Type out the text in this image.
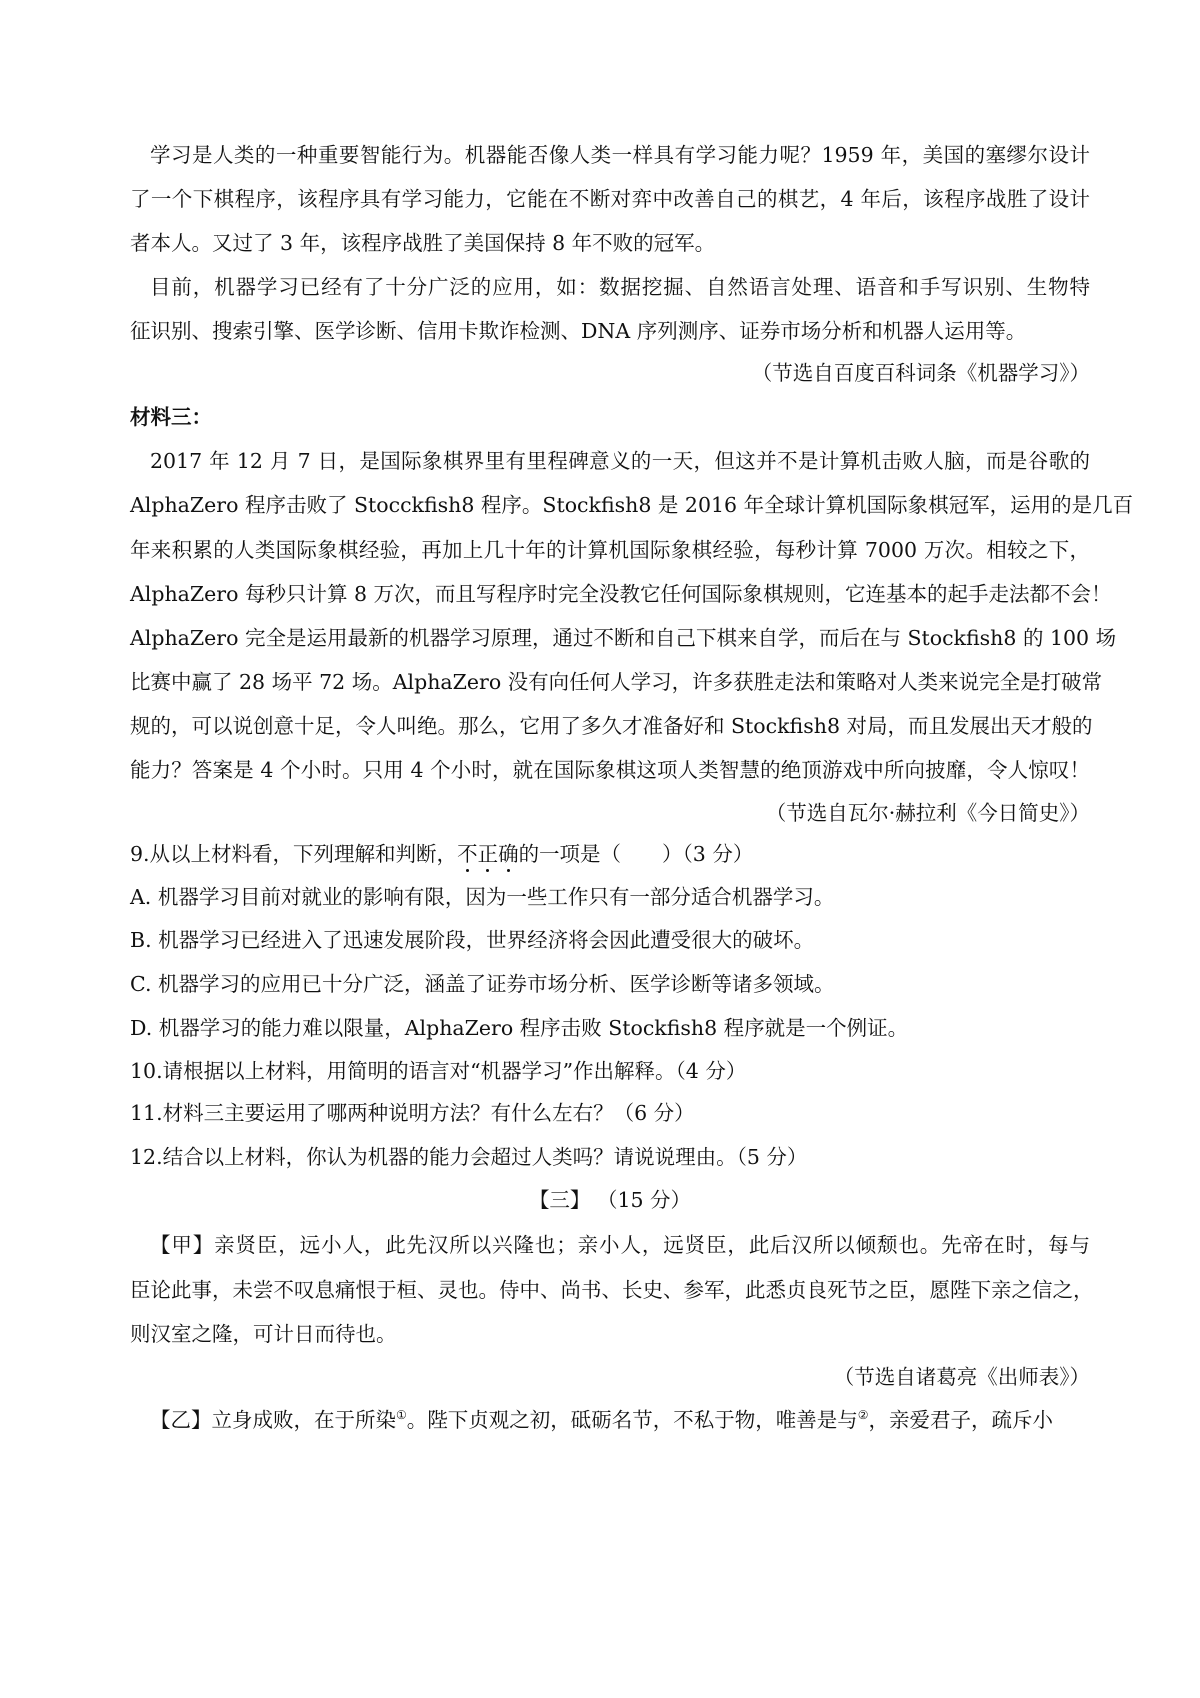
学习是人类的一种重要智能行为。机器能否像人类一样具有学习能力呢？1959 年，美国的塞缪尔设计

了一个下棋程序，该程序具有学习能力，它能在不断对弈中改善自己的棋艺，4 年后，该程序战胜了设计

者本人。又过了 3 年，该程序战胜了美国保持 8 年不败的冠军。

目前，机器学习已经有了十分广泛的应用，如：数据挖掘、自然语言处理、语音和手写识别、生物特

征识别、搜索引擎、医学诊断、信用卡欺诈检测、DNA 序列测序、证券市场分析和机器人运用等。

（节选自百度百科词条《机器学习》）

材料三：

2017 年 12 月 7 日，是国际象棋界里有里程碑意义的一天，但这并不是计算机击败人脑，而是谷歌的

AlphaZero 程序击败了 Stocckfish8 程序。Stockfish8 是 2016 年全球计算机国际象棋冠军，运用的是几百

年来积累的人类国际象棋经验，再加上几十年的计算机国际象棋经验，每秒计算 7000 万次。相较之下，

AlphaZero 每秒只计算 8 万次，而且写程序时完全没教它任何国际象棋规则，它连基本的起手走法都不会！

AlphaZero 完全是运用最新的机器学习原理，通过不断和自己下棋来自学，而后在与 Stockfish8 的 100 场

比赛中赢了 28 场平 72 场。AlphaZero 没有向任何人学习，许多获胜走法和策略对人类来说完全是打破常

规的，可以说创意十足，令人叫绝。那么，它用了多久才准备好和 Stockfish8 对局，而且发展出天才般的

能力？答案是 4 个小时。只用 4 个小时，就在国际象棋这项人类智慧的绝顶游戏中所向披靡，令人惊叹！

（节选自瓦尔·赫拉利《今日简史》）

9.从以上材料看，下列理解和判断，不正确的一项是（　　）（3 分）

A. 机器学习目前对就业的影响有限，因为一些工作只有一部分适合机器学习。

B. 机器学习已经进入了迅速发展阶段，世界经济将会因此遭受很大的破坏。

C. 机器学习的应用已十分广泛，涵盖了证券市场分析、医学诊断等诸多领域。

D. 机器学习的能力难以限量，AlphaZero 程序击败 Stockfish8 程序就是一个例证。

10.请根据以上材料，用简明的语言对“机器学习”作出解释。（4 分）

11.材料三主要运用了哪两种说明方法？有什么左右？（6 分）

12.结合以上材料，你认为机器的能力会超过人类吗？请说说理由。（5 分）

【三】 （15 分）

【甲】亲贤臣，远小人，此先汉所以兴隆也；亲小人，远贤臣，此后汉所以倾颓也。先帝在时，每与

臣论此事，未尝不叹息痛恨于桓、灵也。侍中、尚书、长史、参军，此悉贞良死节之臣，愿陛下亲之信之，

则汉室之隆，可计日而待也。

（节选自诸葛亮《出师表》）

【乙】立身成败，在于所染①。陛下贞观之初，砥砺名节，不私于物，唯善是与②，亲爱君子，疏斥小
